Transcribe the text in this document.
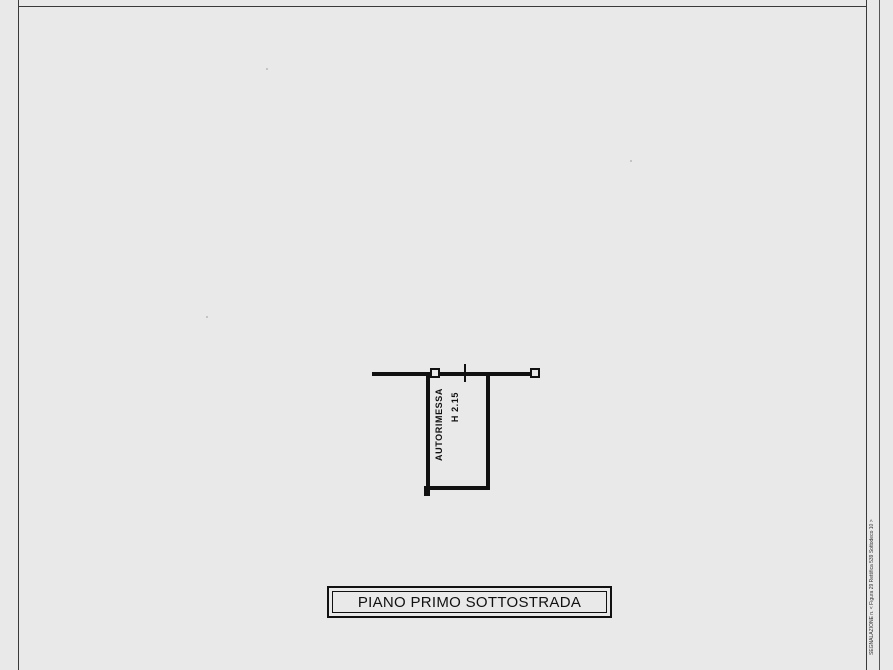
AUTORIMESSA H 2.15
PIANO PRIMO SOTTOSTRADA	SEGNALAZIONE n. < Figura 29 Rettifica 539 Sottodeco 10 >
